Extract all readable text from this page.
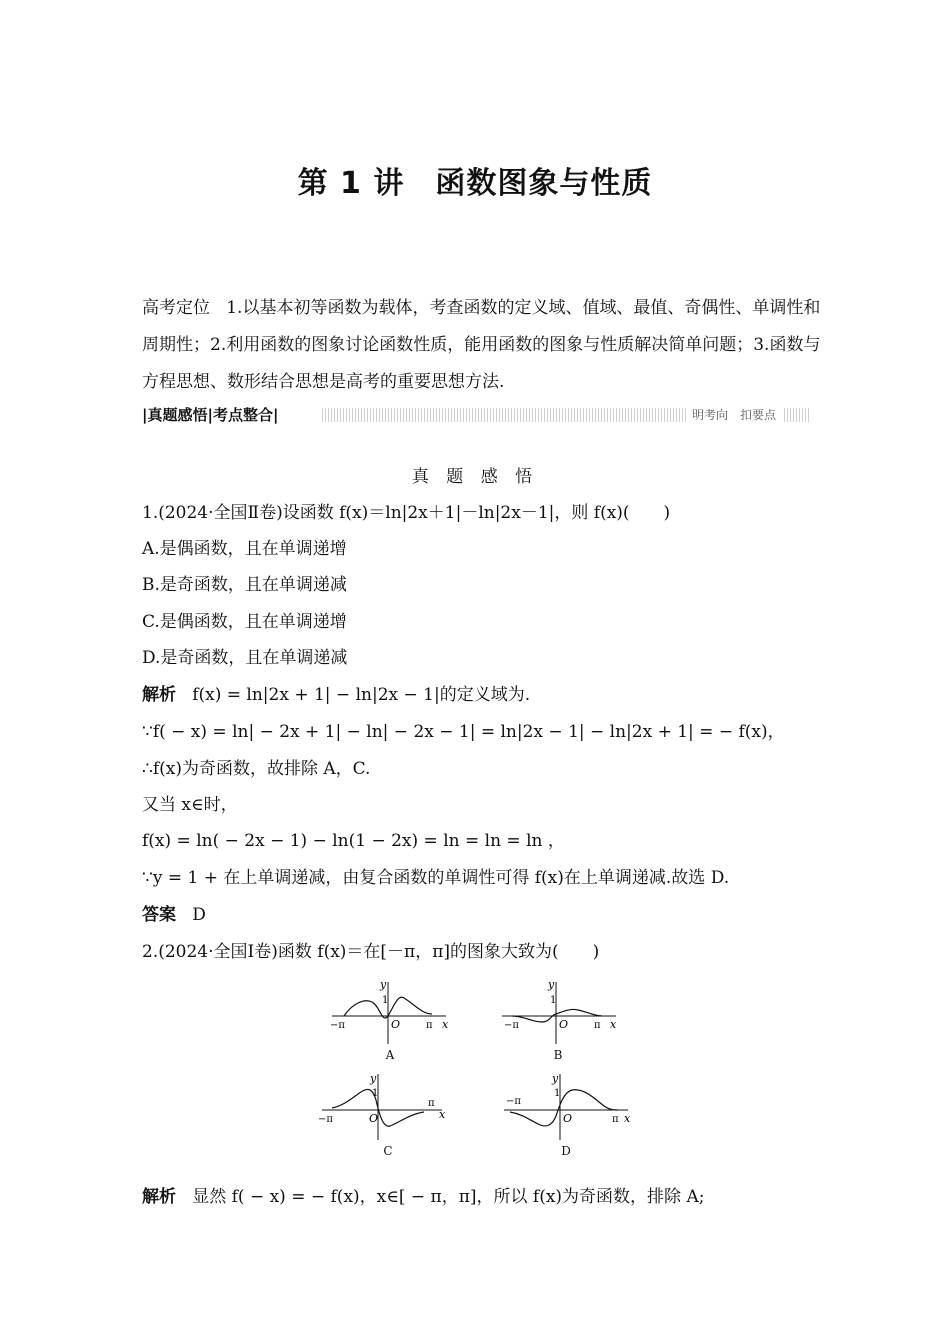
第 1 讲　函数图象与性质
高考定位 1.以基本初等函数为载体，考查函数的定义域、值域、最值、奇偶性、单调性和周期性；2.利用函数的图象讨论函数性质，能用函数的图象与性质解决简单问题；3.函数与方程思想、数形结合思想是高考的重要思想方法.
|真题感悟|考点整合|	明考向　扣要点
真 题 感 悟
1.(2024·全国Ⅱ卷)设函数 f(x)＝ln|2x＋1|－ln|2x－1|，则 f(x)(　　)
A.是偶函数，且在单调递增
B.是奇函数，且在单调递减
C.是偶函数，且在单调递增
D.是奇函数，且在单调递减
解析 f(x) = ln|2x + 1| − ln|2x − 1|的定义域为.
∵f( − x) = ln| − 2x + 1| − ln| − 2x − 1| = ln|2x − 1| − ln|2x + 1| = − f(x)，
∴f(x)为奇函数，故排除 A，C.
又当 x∈时，
f(x) = ln( − 2x − 1) − ln(1 − 2x) = ln = ln = ln ，
∵y = 1 + 在上单调递减，由复合函数的单调性可得 f(x)在上单调递减.故选 D.
答案 D
2.(2024·全国Ⅰ卷)函数 f(x)＝在[－π，π]的图象大致为(　　)
y
1
−π	π
O	x
A
y
1
−π	π
O	x
B
y
1
−π
π
O	x
C
y
1
−π
π
O	x
D
解析 显然 f( − x) = − f(x)，x∈[ − π，π]，所以 f(x)为奇函数，排除 A;
